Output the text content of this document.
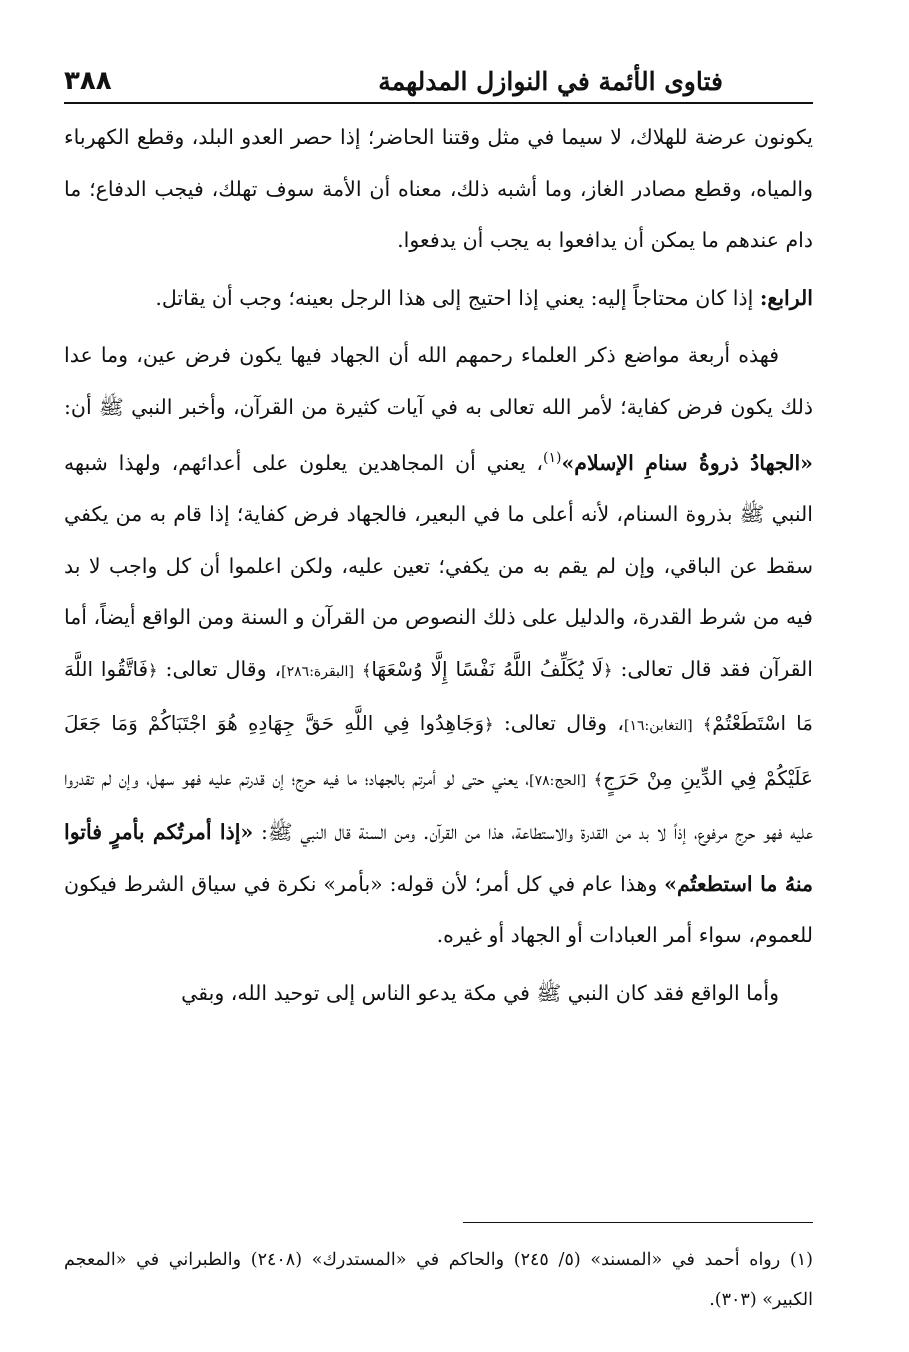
فتاوى الأئمة في النوازل المدلهمة
٣٨٨

يكونون عرضة للهلاك، لا سيما في مثل وقتنا الحاضر؛ إذا حصر العدو البلد، وقطع الكهرباء والمياه، وقطع مصادر الغاز، وما أشبه ذلك، معناه أن الأمة سوف تهلك، فيجب الدفاع؛ ما دام عندهم ما يمكن أن يدافعوا به يجب أن يدفعوا.

الرابع: إذا كان محتاجاً إليه: يعني إذا احتيج إلى هذا الرجل بعينه؛ وجب أن يقاتل.

فهذه أربعة مواضع ذكر العلماء رحمهم الله أن الجهاد فيها يكون فرض عين، وما عدا ذلك يكون فرض كفاية؛ لأمر الله تعالى به في آيات كثيرة من القرآن، وأخبر النبي ﷺ أن: «الجهادُ ذروةُ سنامِ الإسلام»$^{(١)}$، يعني أن المجاهدين يعلون على أعدائهم، ولهذا شبهه النبي ﷺ بذروة السنام، لأنه أعلى ما في البعير، فالجهاد فرض كفاية؛ إذا قام به من يكفي سقط عن الباقي، وإن لم يقم به من يكفي؛ تعين عليه، ولكن اعلموا أن كل واجب لا بد فيه من شرط القدرة، والدليل على ذلك النصوص من القرآن و السنة ومن الواقع أيضاً، أما القرآن فقد قال تعالى: ﴿لَا يُكَلِّفُ اللَّهُ نَفْسًا إِلَّا وُسْعَهَا﴾ [البقرة:٢٨٦]، وقال تعالى: ﴿فَاتَّقُوا اللَّهَ مَا اسْتَطَعْتُمْ﴾ [التغابن:١٦]، وقال تعالى: ﴿وَجَاهِدُوا فِي اللَّهِ حَقَّ جِهَادِهِ هُوَ اجْتَبَاكُمْ وَمَا جَعَلَ عَلَيْكُمْ فِي الدِّينِ مِنْ حَرَجٍ﴾ [الحج:٧٨]، يعني حتى لو أمرتم بالجهاد؛ ما فيه حرج؛ إن قدرتم عليه فهو سهل، وإن لم تقدروا عليه فهو حرج مرفوع، إذاً لا بد من القدرة والاستطاعة، هذا من القرآن. ومن السنة قال النبي ﷺ: «إذا أمرتُكم بأمرٍ فأتوا منهُ ما استطعتُم» وهذا عام في كل أمر؛ لأن قوله: «بأمر» نكرة في سياق الشرط فيكون للعموم، سواء أمر العبادات أو الجهاد أو غيره.

وأما الواقع فقد كان النبي ﷺ في مكة يدعو الناس إلى توحيد الله، وبقي

(١) رواه أحمد في «المسند» (٥/ ٢٤٥) والحاكم في «المستدرك» (٢٤٠٨) والطبراني في «المعجم الكبير» (٣٠٣).
